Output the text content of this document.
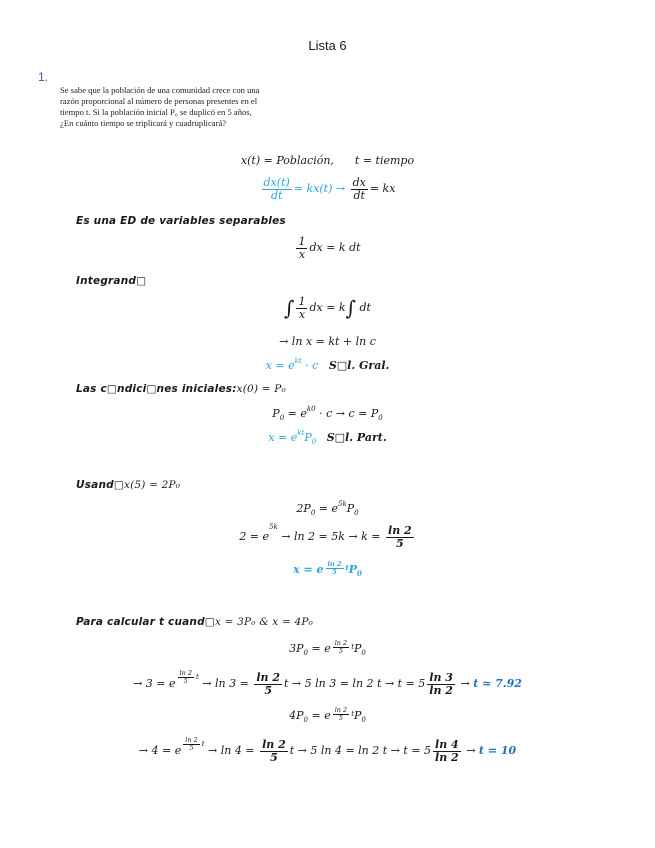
Lista 6
1.
Se sabe que la población de una comunidad crece con una
razón proporcional al número de personas presentes en el
tiempo t. Si la población inicial P₀ se duplicó en 5 años,
¿En cuánto tiempo se triplicará y cuadruplicará?
x(t) = Población,      t = tiempo
$\frac{dx(t)}{dt} = kx(t) \to \frac{dx}{dt}$ = kx
Es una ED de variables separables
$\frac{1}{x}$ dx = k dt
Integrand□
∫ $\frac{1}{x}$ dx = k∫ dt
→ ln x = kt + ln c
$x = e^{kt} \cdot c$ S□l. Gral.
Las c□ndici□nes iniciales:x(0) = P₀
$P_0 = e^{k0} \cdot c \to c = P_0$
$x = e^{kt}P_0$ S□l. Part.
Usand□x(5) = 2P₀
$2P_0 = e^{5k}P_0$
$2 = e^{5k} \to \ln 2 = 5k \to k = \frac{\ln 2}{5}$
x = e $^{\frac{\ln 2}{5} t}P_0$
Para calcular t cuand□x = 3P₀ & x = 4P₀
$3P_0 = e$ $^{\frac{\ln 2}{5} t}P_0$
→ 3 = e $^{\frac{\ln 2}{5} t} \to \ln 3 = \frac{\ln 2}{5}$ t → 5 ln 3 = ln 2 $t \to t = 5 \frac{\ln 3}{\ln 2} \to t \approx 7.92$
$4P_0 = e$ $^{\frac{\ln 2}{5} t}P_0$
→ 4 = e $^{\frac{\ln 2}{5} t} \to \ln 4 = \frac{\ln 2}{5}$ t → 5 ln 4 = ln 2 $t \to t = 5 \frac{\ln 4}{\ln 2} \to t = 10$
